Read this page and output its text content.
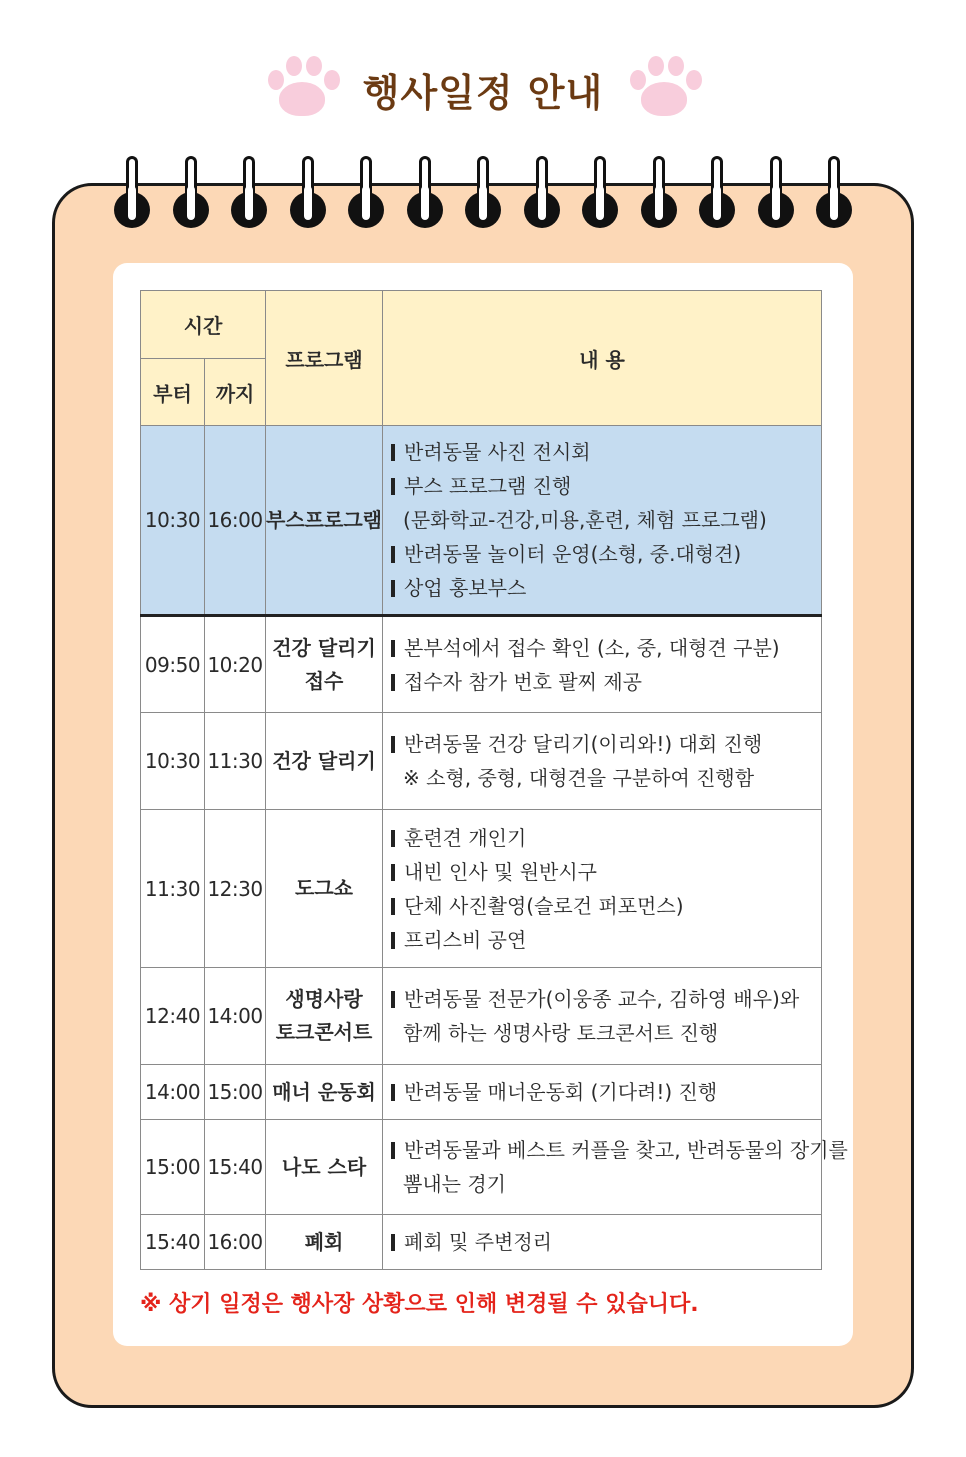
행사일정 안내
시간		프로그램	내 용
부터	까지		
10:30	16:00	부스프로그램	반려동물 사진 전시회
부스 프로그램 진행
(문화학교-건강,미용,훈련, 체험 프로그램)
반려동물 놀이터 운영(소형, 중.대형견)
상업 홍보부스

09:50	10:20	건강 달리기
접수	본부석에서 접수 확인 (소, 중, 대형견 구분)
접수자 참가 번호 팔찌 제공

10:30	11:30	건강 달리기	반려동물 건강 달리기(이리와!) 대회 진행
※ 소형, 중형, 대형견을 구분하여 진행함

11:30	12:30	도그쇼	훈련견 개인기
내빈 인사 및 원반시구
단체 사진촬영(슬로건 퍼포먼스)
프리스비 공연

12:40	14:00	생명사랑
토크콘서트	반려동물 전문가(이웅종 교수, 김하영 배우)와
함께 하는 생명사랑 토크콘서트 진행

14:00	15:00	매너 운동회	반려동물 매너운동회 (기다려!) 진행

15:00	15:40	나도 스타	반려동물과 베스트 커플을 찾고, 반려동물의 장기를
뽐내는 경기

15:40	16:00	폐회	폐회 및 주변정리
※ 상기 일정은 행사장 상황으로 인해 변경될 수 있습니다.
